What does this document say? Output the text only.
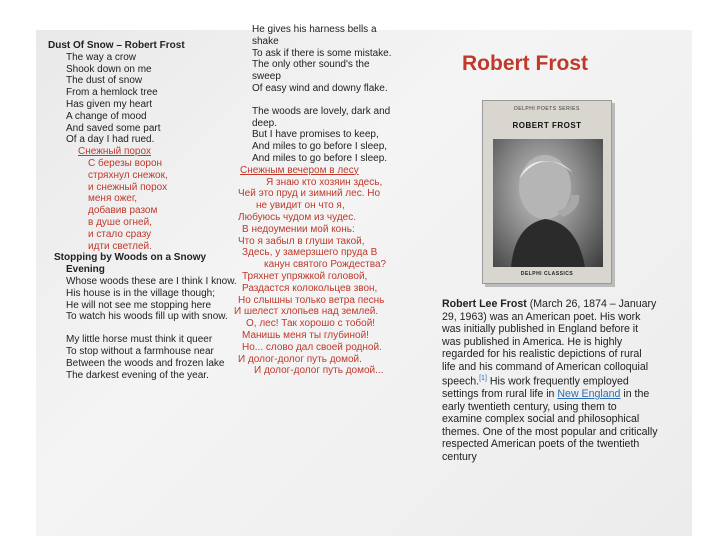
Dust Of Snow – Robert Frost

The way a crow

Shook down on me

The dust of snow

From a hemlock tree

Has given my heart

A change of mood

And saved some part

Of a day I had rued.

Снежный порох

С березы ворон

стряхнул снежок,

и снежный порох

меня ожег,

добавив разом

в душе огней,

и стало сразу

идти светлей.

Stopping by Woods on a Snowy

Evening

Whose woods these are I think I know.

His house is in the village though;

He will not see me stopping here

To watch his woods fill up with snow.

My little horse must think it queer

To stop without a farmhouse near

Between the woods and frozen lake

The darkest evening of the year.

He gives his harness bells a

shake

To ask if there is some mistake.

The only other sound's the

sweep

Of easy wind and downy flake.

The woods are lovely, dark and

deep.

But I have promises to keep,

And miles to go before I sleep,

And miles to go before I sleep.

Снежным вечером в лесу

Я знаю кто хозяин здесь,

Чей это пруд и зимний лес. Но

не увидит он что я,

Любуюсь чудом из чудес.

В недоумении мой конь:

Что я забыл в глуши такой,

Здесь, у замерзшего пруда В

канун святого Рождества?

Тряхнет упряжкой головой,

Раздастся колокольцев звон,

Но слышны только ветра песнь

И шелест хлопьев над землей.

О, лес! Так хорошо с тобой!

Манишь меня ты глубиной!

Но... слово дал своей родной.

И долог-долог путь домой.

И долог-долог путь домой...

Robert Frost
DELPHI POETS SERIES
ROBERT FROST
DELPHI CLASSICS
Robert Lee Frost (March 26, 1874 – January 29, 1963) was an American poet. His work was initially published in England before it was published in America. He is highly regarded for his realistic depictions of rural life and his command of American colloquial speech.[1] His work frequently employed settings from rural life in New England in the early twentieth century, using them to examine complex social and philosophical themes. One of the most popular and critically respected American poets of the twentieth century
